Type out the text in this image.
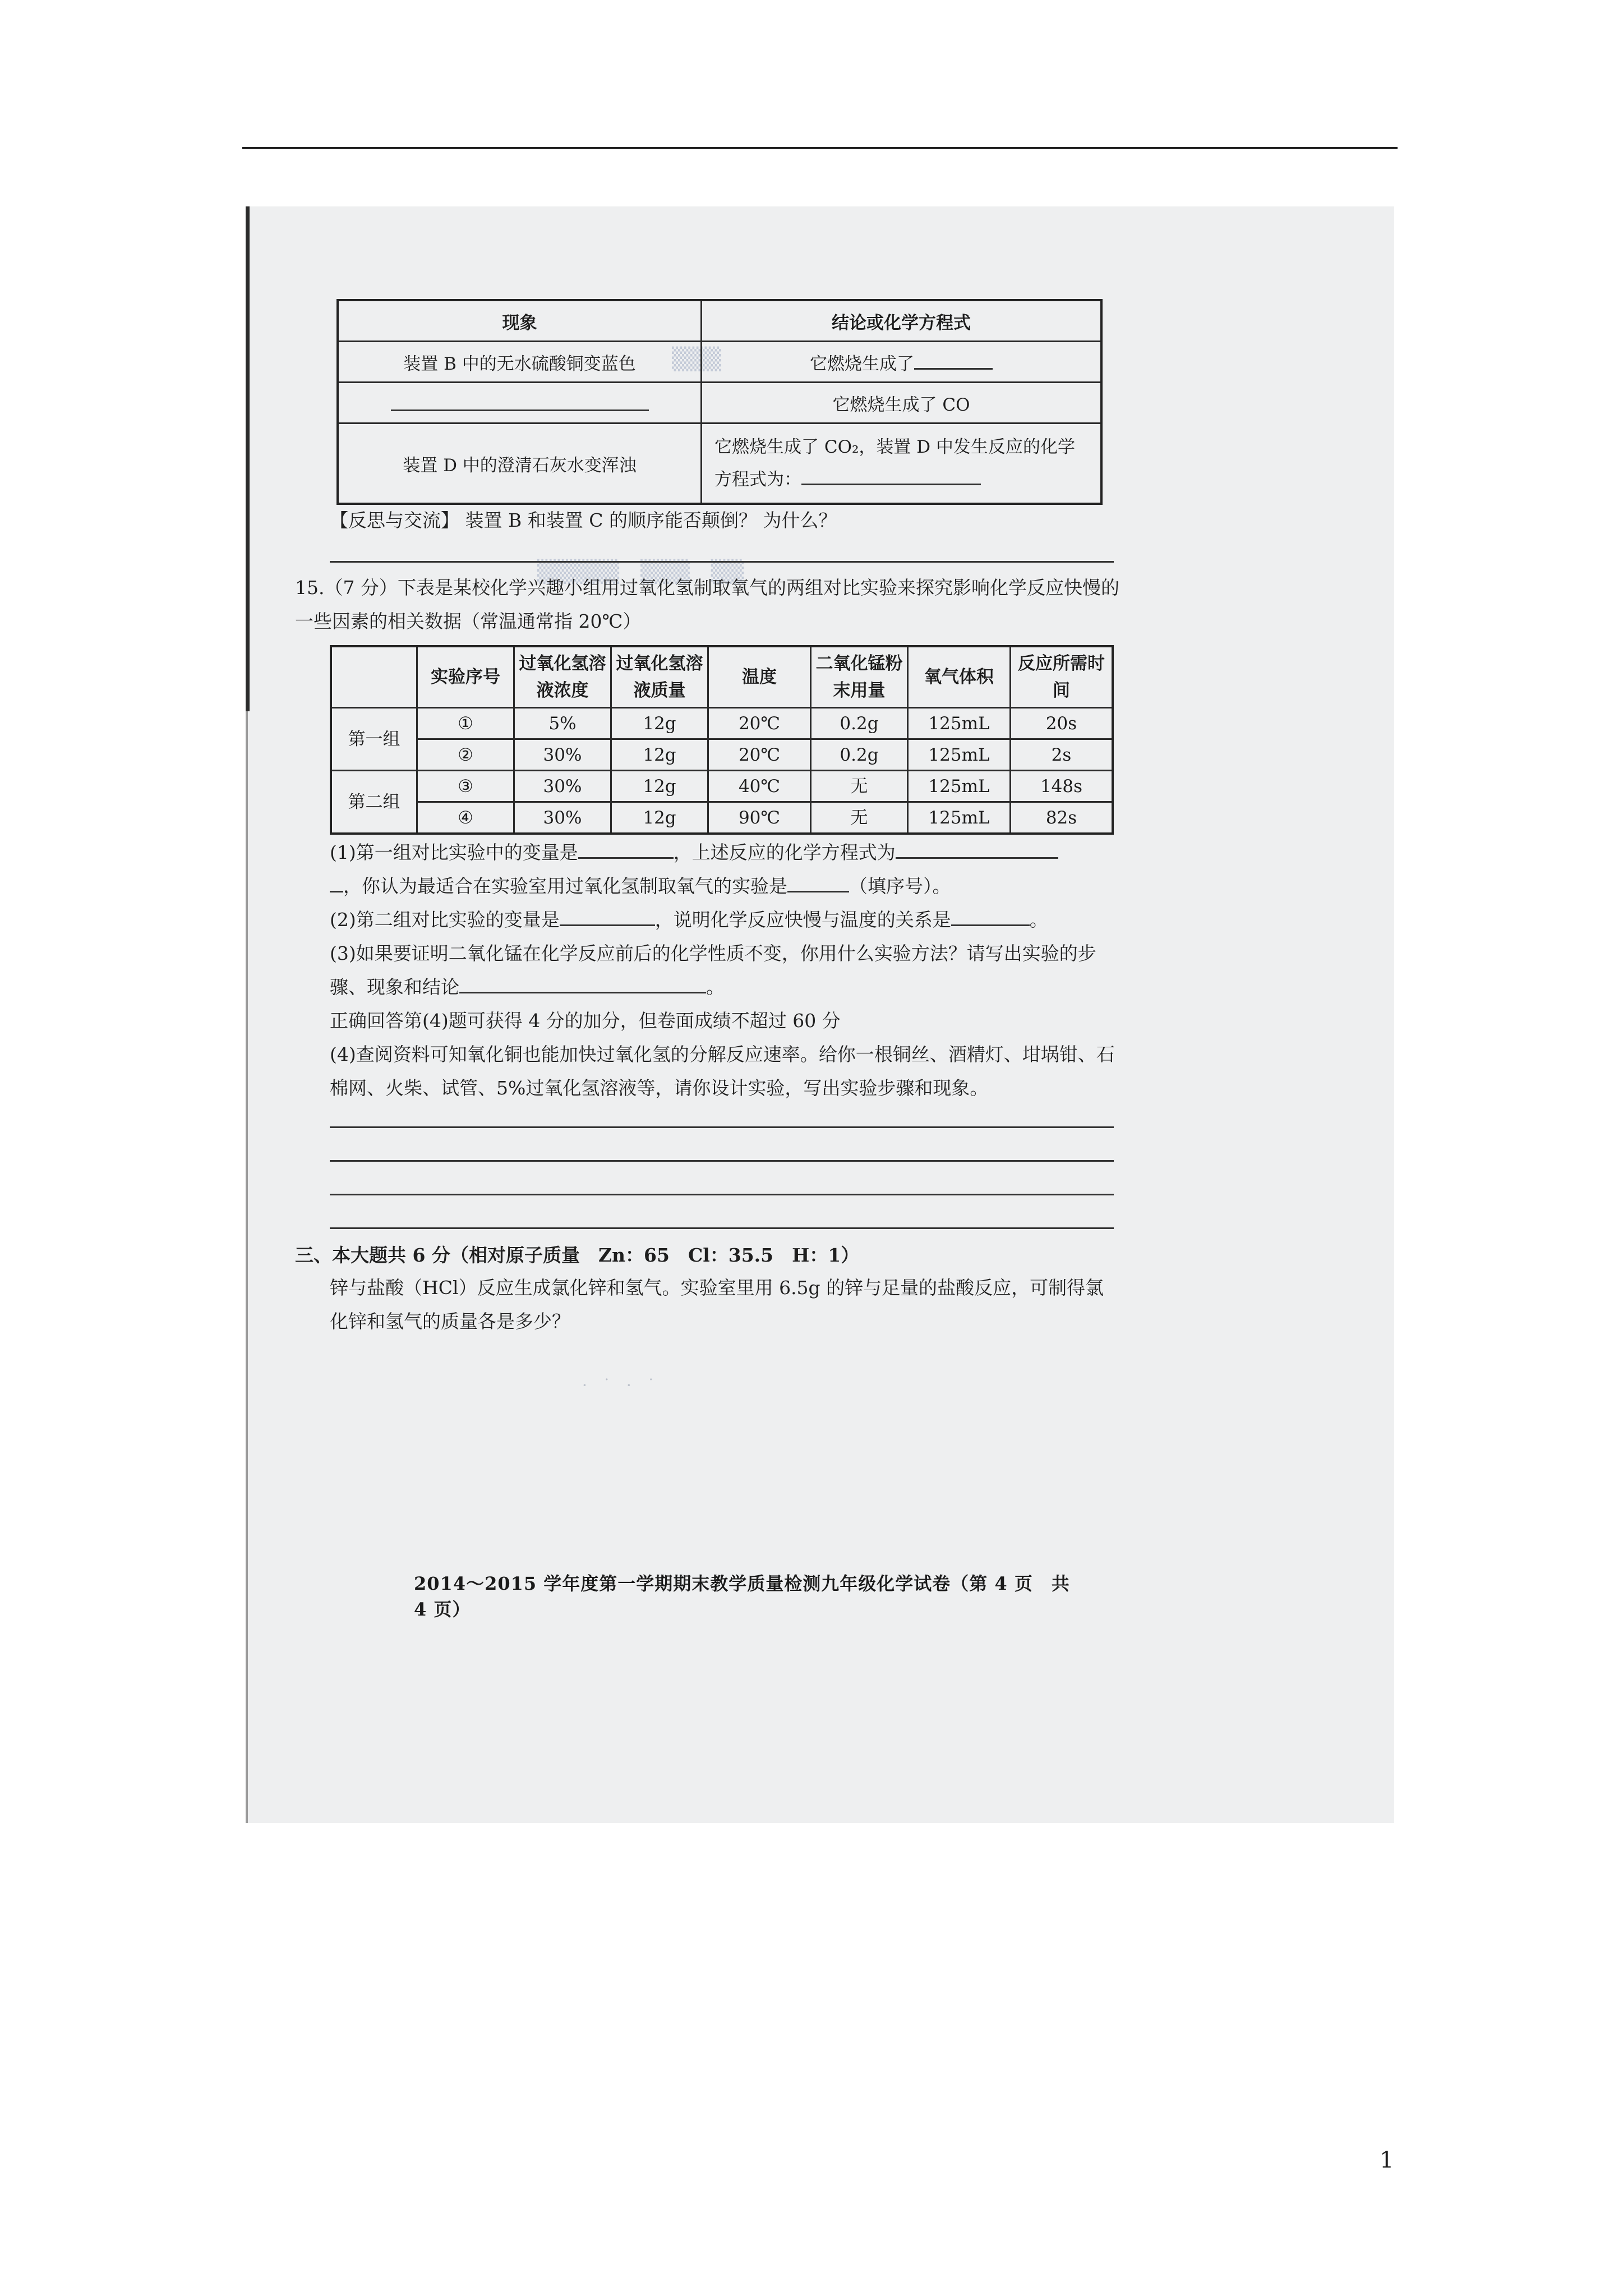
▒▒▒
▒▒▒▒▒　▒▒▒　▒▒
现象	结论或化学方程式
装置 B 中的无水硫酸铜变蓝色	它燃烧生成了
	它燃烧生成了 CO
装置 D 中的澄清石灰水变浑浊	它燃烧生成了 CO₂，装置 D 中发生反应的化学方程式为：
【反思与交流】 装置 B 和装置 C 的顺序能否颠倒？ 为什么？
15.（7 分）下表是某校化学兴趣小组用过氧化氢制取氧气的两组对比实验来探究影响化学反应快慢的一些因素的相关数据（常温通常指 20℃）
	实验序号	过氧化氢溶液浓度	过氧化氢溶液质量	温度	二氧化锰粉末用量	氧气体积	反应所需时间
第一组	①	5%	12g	20℃	0.2g	125mL	20s
	②	30%	12g	20℃	0.2g	125mL	2s
第二组	③	30%	12g	40℃	无	125mL	148s
	④	30%	12g	90℃	无	125mL	82s
(1)第一组对比实验中的变量是	，上述反应的化学方程式为
，你认为最适合在实验室用过氧化氢制取氧气的实验是	（填序号）。
(2)第二组对比实验的变量是	，说明化学反应快慢与温度的关系是	。
(3)如果要证明二氧化锰在化学反应前后的化学性质不变，你用什么实验方法？请写出实验的步骤、现象和结论	。
正确回答第(4)题可获得 4 分的加分，但卷面成绩不超过 60 分
(4)查阅资料可知氧化铜也能加快过氧化氢的分解反应速率。给你一根铜丝、酒精灯、坩埚钳、石棉网、火柴、试管、5%过氧化氢溶液等，请你设计实验，写出实验步骤和现象。
三、本大题共 6 分（相对原子质量　Zn：65　Cl：35.5　H：1）
锌与盐酸（HCl）反应生成氯化锌和氢气。实验室里用 6.5g 的锌与足量的盐酸反应，可制得氯化锌和氢气的质量各是多少？
·　˙　·　˙
2014～2015 学年度第一学期期末教学质量检测九年级化学试卷（第 4 页　共 4 页）
1
